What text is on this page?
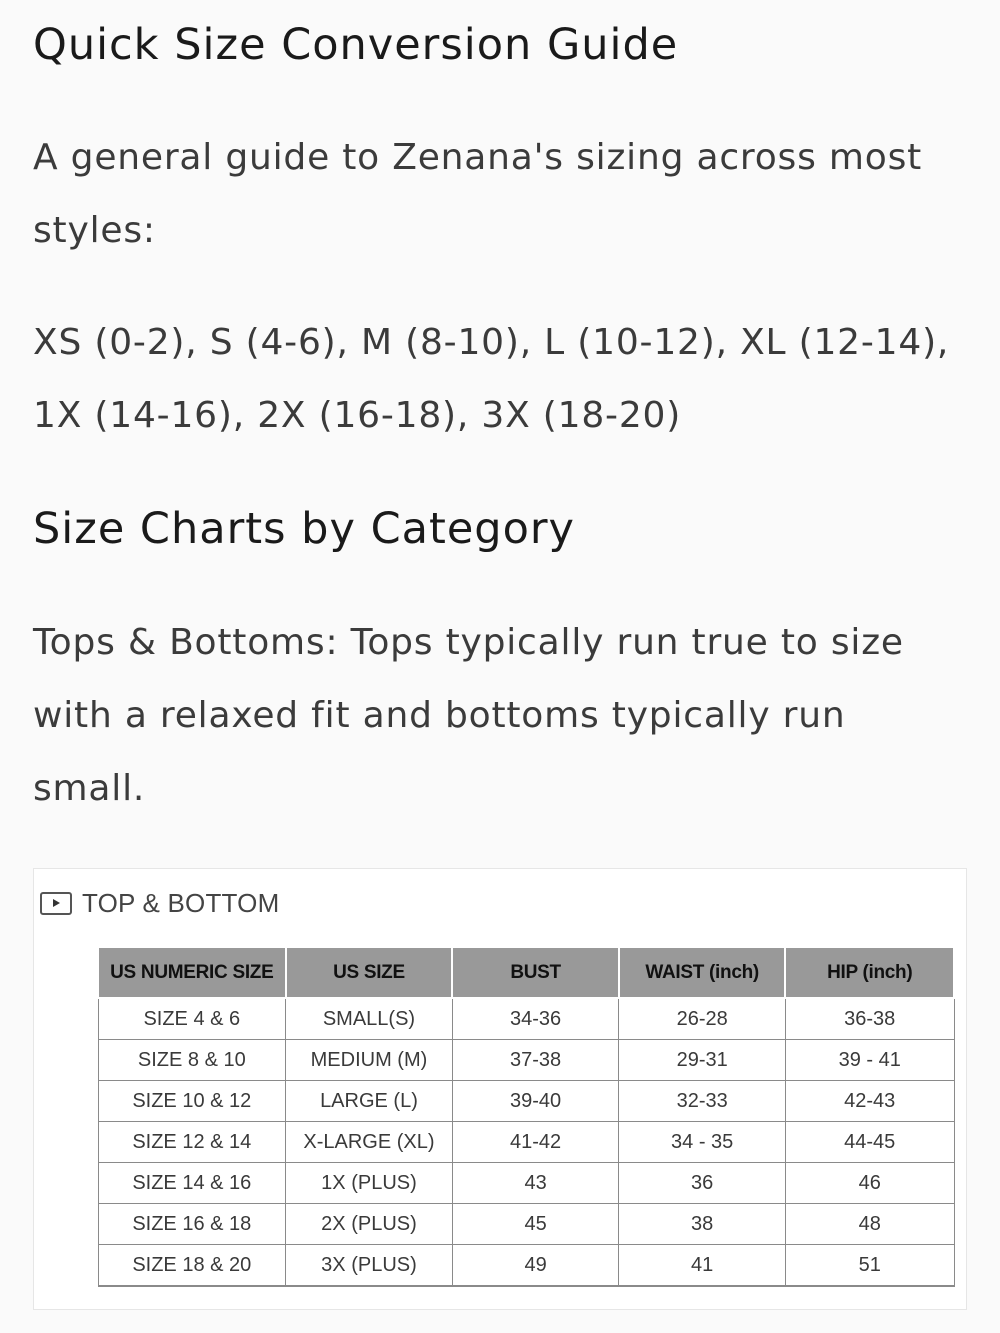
Quick Size Conversion Guide

A general guide to Zenana's sizing across most styles:

XS (0-2), S (4-6), M (8-10), L (10-12), XL (12-14), 1X (14-16), 2X (16-18), 3X (18-20)

Size Charts by Category

Tops & Bottoms: Tops typically run true to size with a relaxed fit and bottoms typically run small.

TOP & BOTTOM
US NUMERIC SIZE	US SIZE	BUST	WAIST (inch)	HIP (inch)
SIZE 4 & 6	SMALL(S)	34-36	26-28	36-38
SIZE 8 & 10	MEDIUM (M)	37-38	29-31	39 - 41
SIZE 10 & 12	LARGE (L)	39-40	32-33	42-43
SIZE 12 & 14	X-LARGE (XL)	41-42	34 - 35	44-45
SIZE 14 & 16	1X (PLUS)	43	36	46
SIZE 16 & 18	2X (PLUS)	45	38	48
SIZE 18 & 20	3X (PLUS)	49	41	51
